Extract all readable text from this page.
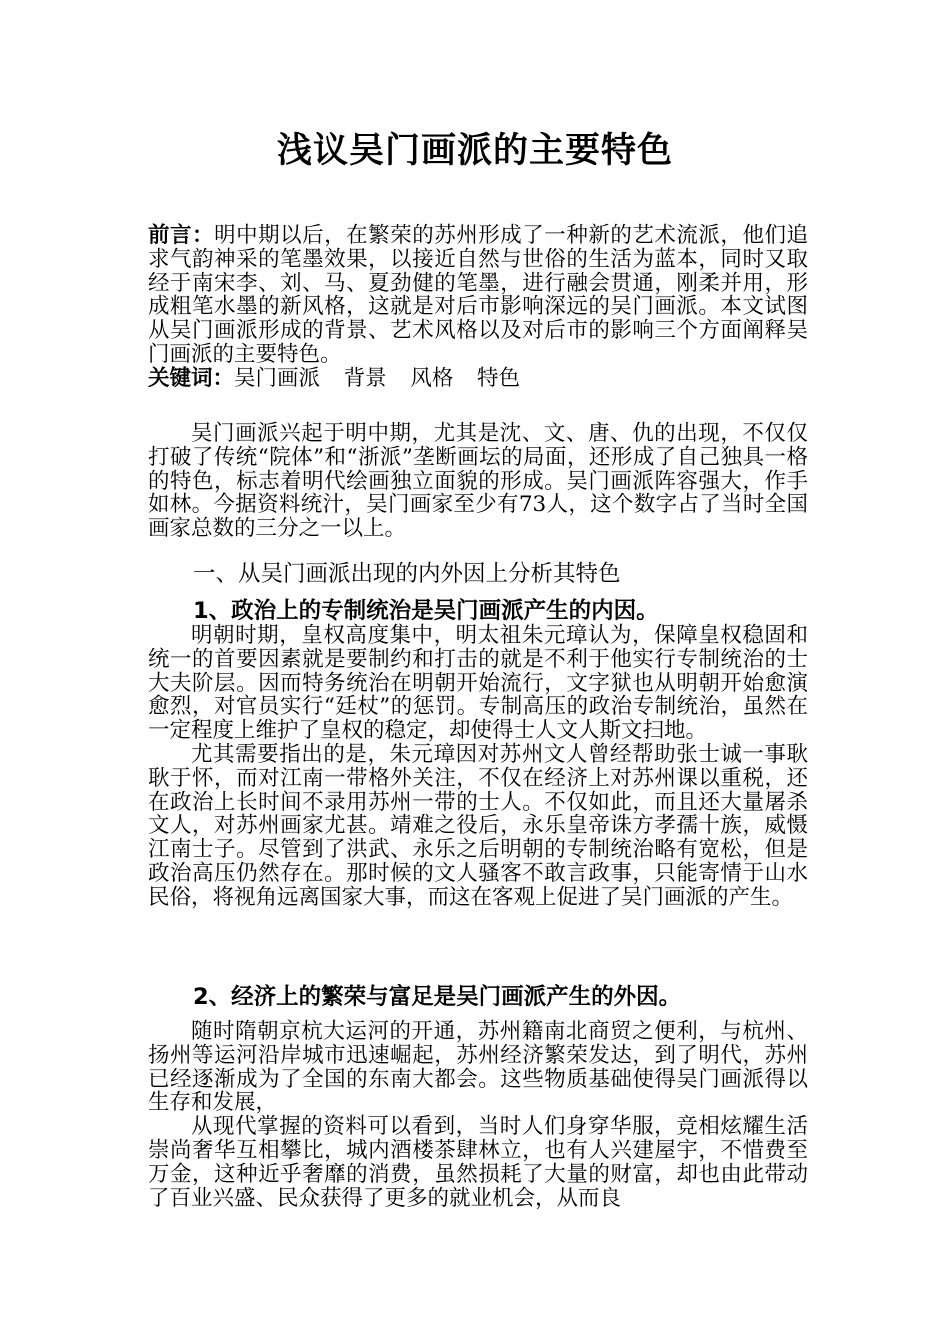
浅议吴门画派的主要特色

前言：明中期以后，在繁荣的苏州形成了一种新的艺术流派，他们追求气韵神采的笔墨效果，以接近自然与世俗的生活为蓝本，同时又取经于南宋李、刘、马、夏劲健的笔墨，进行融会贯通，刚柔并用，形成粗笔水墨的新风格，这就是对后市影响深远的吴门画派。本文试图从吴门画派形成的背景、艺术风格以及对后市的影响三个方面阐释吴门画派的主要特色。

关键词：吴门画派 背景 风格 特色

吴门画派兴起于明中期，尤其是沈、文、唐、仇的出现，不仅仅打破了传统“院体”和“浙派”垄断画坛的局面，还形成了自己独具一格的特色，标志着明代绘画独立面貌的形成。吴门画派阵容强大，作手如林。今据资料统汁，吴门画家至少有73人，这个数字占了当时全国画家总数的三分之一以上。

一、从吴门画派出现的内外因上分析其特色
1、政治上的专制统治是吴门画派产生的内因。

明朝时期，皇权高度集中，明太祖朱元璋认为，保障皇权稳固和统一的首要因素就是要制约和打击的就是不利于他实行专制统治的士大夫阶层。因而特务统治在明朝开始流行，文字狱也从明朝开始愈演愈烈，对官员实行“廷杖”的惩罚。专制高压的政治专制统治，虽然在一定程度上维护了皇权的稳定，却使得士人文人斯文扫地。

尤其需要指出的是，朱元璋因对苏州文人曾经帮助张士诚一事耿耿于怀，而对江南一带格外关注，不仅在经济上对苏州课以重税，还在政治上长时间不录用苏州一带的士人。不仅如此，而且还大量屠杀文人，对苏州画家尤甚。靖难之役后，永乐皇帝诛方孝孺十族，威慑江南士子。尽管到了洪武、永乐之后明朝的专制统治略有宽松，但是政治高压仍然存在。那时候的文人骚客不敢言政事，只能寄情于山水民俗，将视角远离国家大事，而这在客观上促进了吴门画派的产生。

2、经济上的繁荣与富足是吴门画派产生的外因。

随时隋朝京杭大运河的开通，苏州籍南北商贸之便利，与杭州、扬州等运河沿岸城市迅速崛起，苏州经济繁荣发达，到了明代，苏州已经逐渐成为了全国的东南大都会。这些物质基础使得吴门画派得以生存和发展，

从现代掌握的资料可以看到，当时人们身穿华服，竞相炫耀生活崇尚奢华互相攀比，城内酒楼茶肆林立，也有人兴建屋宇，不惜费至万金，这种近乎奢靡的消费，虽然损耗了大量的财富，却也由此带动了百业兴盛、民众获得了更多的就业机会，从而良
